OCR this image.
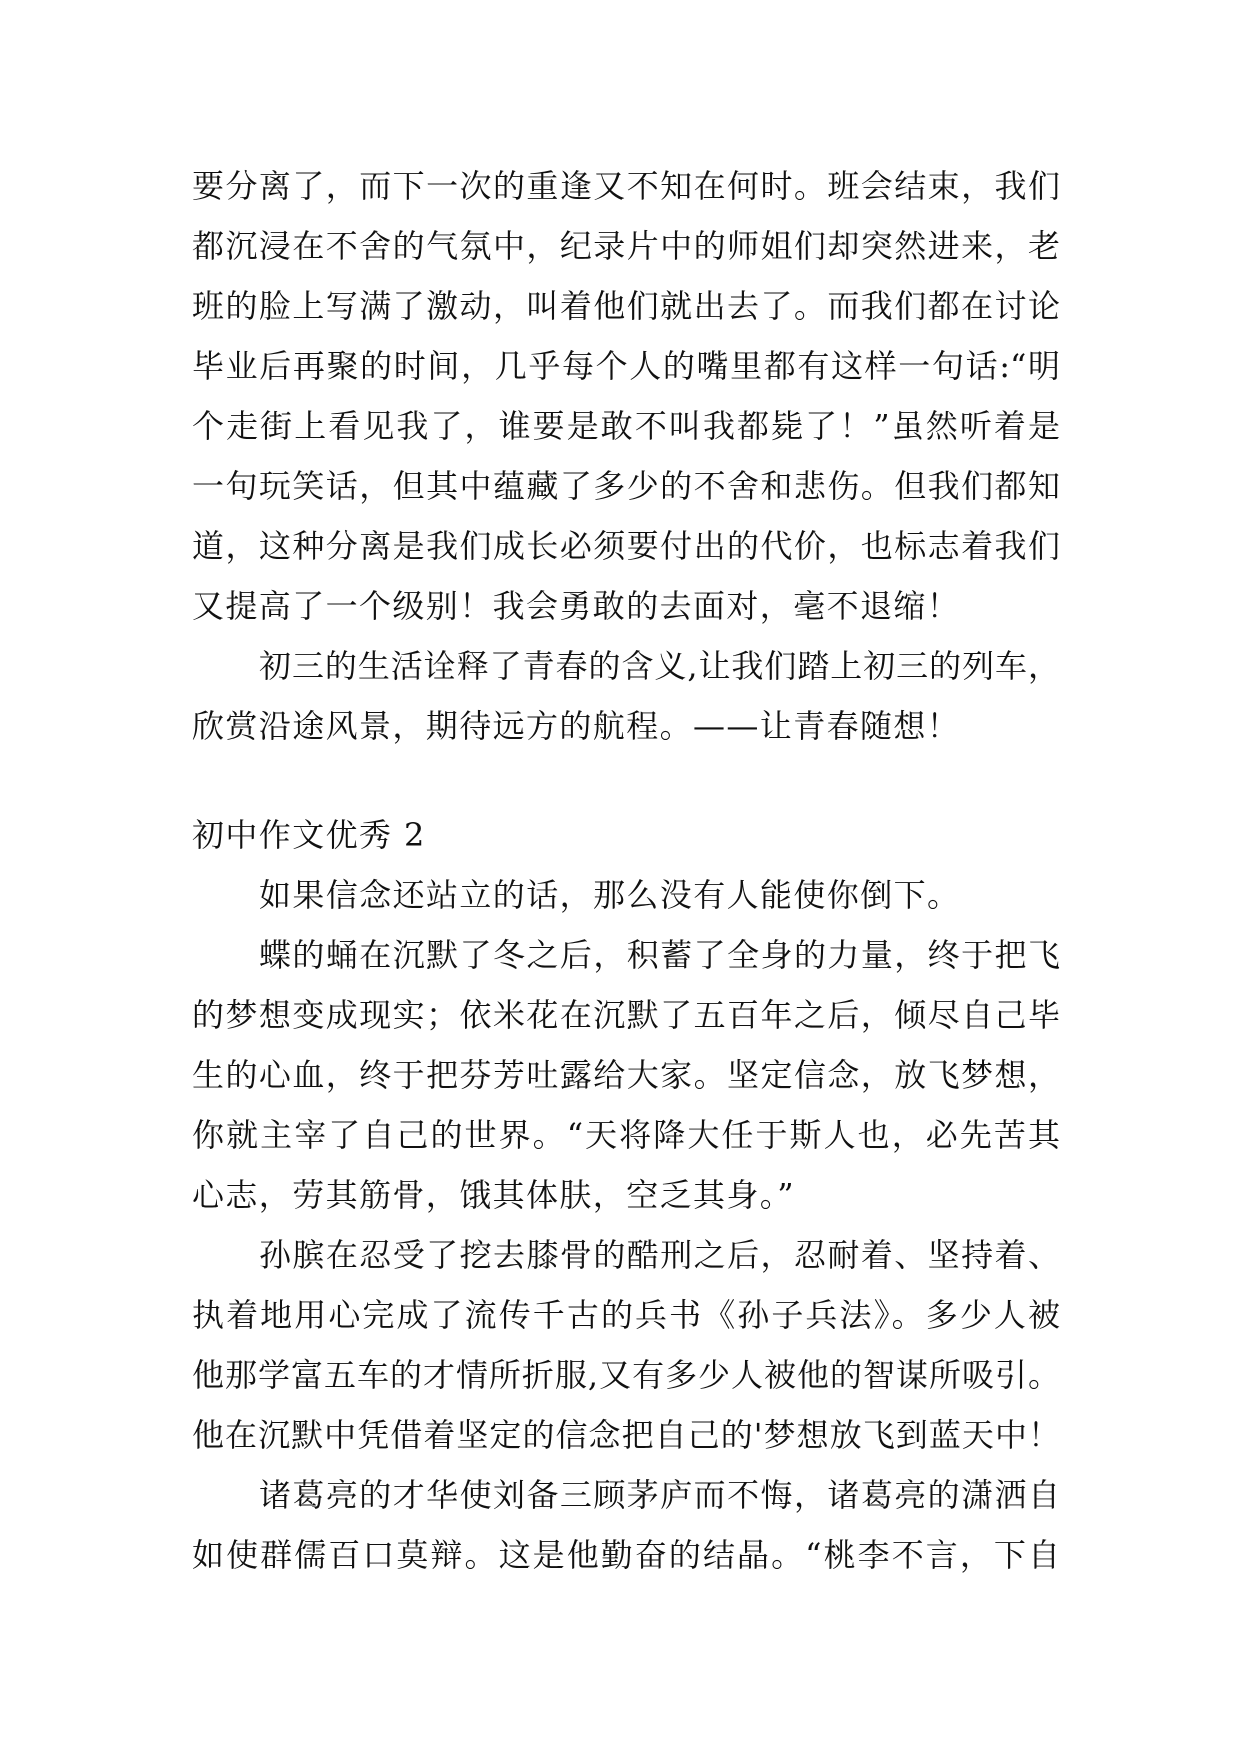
要分离了，而下一次的重逢又不知在何时。班会结束，我们
都沉浸在不舍的气氛中，纪录片中的师姐们却突然进来，老
班的脸上写满了激动，叫着他们就出去了。而我们都在讨论
毕业后再聚的时间，几乎每个人的嘴里都有这样一句话:“明
个走街上看见我了，谁要是敢不叫我都毙了！”虽然听着是
一句玩笑话，但其中蕴藏了多少的不舍和悲伤。但我们都知
道，这种分离是我们成长必须要付出的代价，也标志着我们
又提高了一个级别！我会勇敢的去面对，毫不退缩！
初三的生活诠释了青春的含义,让我们踏上初三的列车，
欣赏沿途风景，期待远方的航程。——让青春随想！
初中作文优秀 2
如果信念还站立的话，那么没有人能使你倒下。
蝶的蛹在沉默了冬之后，积蓄了全身的力量，终于把飞
的梦想变成现实；依米花在沉默了五百年之后，倾尽自己毕
生的心血，终于把芬芳吐露给大家。坚定信念，放飞梦想，
你就主宰了自己的世界。“天将降大任于斯人也，必先苦其
心志，劳其筋骨，饿其体肤，空乏其身。”
孙膑在忍受了挖去膝骨的酷刑之后，忍耐着、坚持着、
执着地用心完成了流传千古的兵书《孙子兵法》。多少人被
他那学富五车的才情所折服,又有多少人被他的智谋所吸引。
他在沉默中凭借着坚定的信念把自己的'梦想放飞到蓝天中！
诸葛亮的才华使刘备三顾茅庐而不悔，诸葛亮的潇洒自
如使群儒百口莫辩。这是他勤奋的结晶。“桃李不言，下自
